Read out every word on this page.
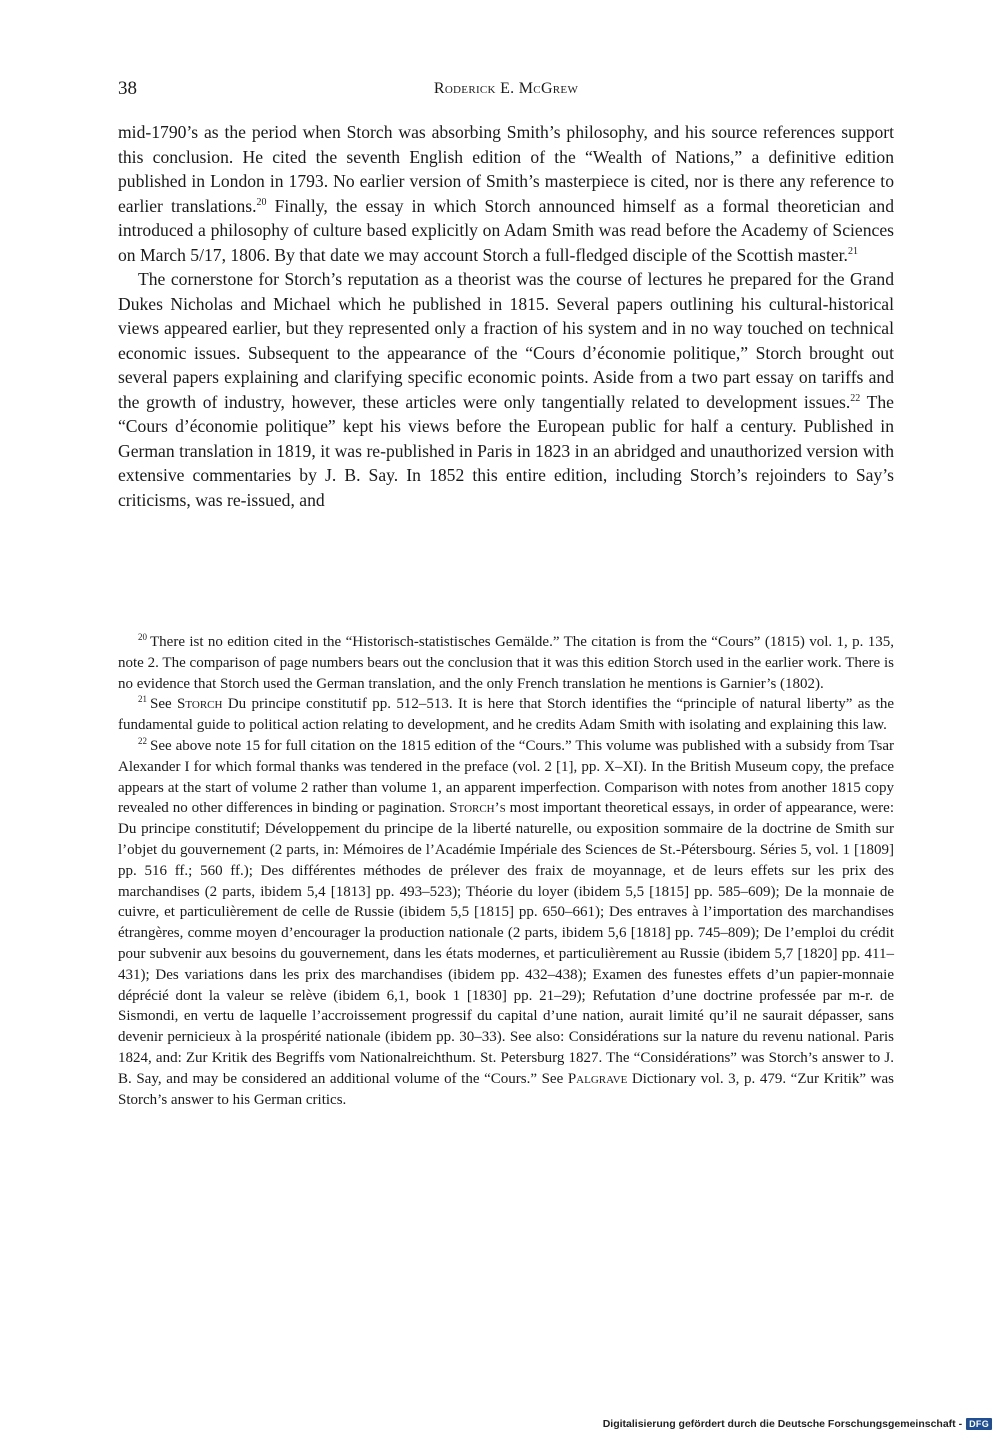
38	Roderick E. McGrew

mid-1790’s as the period when Storch was absorbing Smith’s philosophy, and his source references support this conclusion. He cited the seventh English edition of the “Wealth of Nations,” a definitive edition published in London in 1793. No earlier version of Smith’s masterpiece is cited, nor is there any reference to earlier translations.$^{20}$ Finally, the essay in which Storch announced himself as a formal theoretician and introduced a philosophy of culture based explicitly on Adam Smith was read before the Academy of Sciences on March 5/17, 1806. By that date we may account Storch a full-fledged disciple of the Scottish master.$^{21}$

The cornerstone for Storch’s reputation as a theorist was the course of lectures he prepared for the Grand Dukes Nicholas and Michael which he published in 1815. Several papers outlining his cultural-historical views appeared earlier, but they represented only a fraction of his system and in no way touched on technical economic issues. Subsequent to the appearance of the “Cours d’économie politique,” Storch brought out several papers explaining and clarifying specific economic points. Aside from a two part essay on tariffs and the growth of industry, however, these articles were only tangentially related to development issues.$^{22}$ The “Cours d’économie politique” kept his views before the European public for half a century. Published in German translation in 1819, it was re-published in Paris in 1823 in an abridged and unauthorized version with extensive commentaries by J. B. Say. In 1852 this entire edition, including Storch’s rejoinders to Say’s criticisms, was re-issued, and

$^{20}$ There ist no edition cited in the “Historisch-statistisches Gemälde.” The citation is from the “Cours” (1815) vol. 1, p. 135, note 2. The comparison of page numbers bears out the conclusion that it was this edition Storch used in the earlier work. There is no evidence that Storch used the German translation, and the only French translation he mentions is Garnier’s (1802).

$^{21}$ See Storch Du principe constitutif pp. 512–513. It is here that Storch identifies the “principle of natural liberty” as the fundamental guide to political action relating to development, and he credits Adam Smith with isolating and explaining this law.

$^{22}$ See above note 15 for full citation on the 1815 edition of the “Cours.” This volume was published with a subsidy from Tsar Alexander I for which formal thanks was tendered in the preface (vol. 2 [1], pp. X–XI). In the British Museum copy, the preface appears at the start of volume 2 rather than volume 1, an apparent imperfection. Comparison with notes from another 1815 copy revealed no other differences in binding or pagination. Storch’s most important theoretical essays, in order of appearance, were: Du principe constitutif; Développement du principe de la liberté naturelle, ou exposition sommaire de la doctrine de Smith sur l’objet du gouvernement (2 parts, in: Mémoires de l’Académie Impériale des Sciences de St.-Pétersbourg. Séries 5, vol. 1 [1809] pp. 516 ff.; 560 ff.); Des différentes méthodes de prélever des fraix de moyannage, et de leurs effets sur les prix des marchandises (2 parts, ibidem 5,4 [1813] pp. 493–523); Théorie du loyer (ibidem 5,5 [1815] pp. 585–609); De la monnaie de cuivre, et particulièrement de celle de Russie (ibidem 5,5 [1815] pp. 650–661); Des entraves à l’importation des marchandises étrangères, comme moyen d’encourager la production nationale (2 parts, ibidem 5,6 [1818] pp. 745–809); De l’emploi du crédit pour subvenir aux besoins du gouvernement, dans les états modernes, et particulièrement au Russie (ibidem 5,7 [1820] pp. 411–431); Des variations dans les prix des marchandises (ibidem pp. 432–438); Examen des funestes effets d’un papier-monnaie déprécié dont la valeur se relève (ibidem 6,1, book 1 [1830] pp. 21–29); Refutation d’une doctrine professée par m-r. de Sismondi, en vertu de laquelle l’accroissement progressif du capital d’une nation, aurait limité qu’il ne saurait dépasser, sans devenir pernicieux à la prospérité nationale (ibidem pp. 30–33). See also: Considérations sur la nature du revenu national. Paris 1824, and: Zur Kritik des Begriffs vom Nationalreichthum. St. Petersburg 1827. The “Considérations” was Storch’s answer to J. B. Say, and may be considered an additional volume of the “Cours.” See Palgrave Dictionary vol. 3, p. 479. “Zur Kritik” was Storch’s answer to his German critics.

Digitalisierung gefördert durch die Deutsche Forschungsgemeinschaft - DFG
